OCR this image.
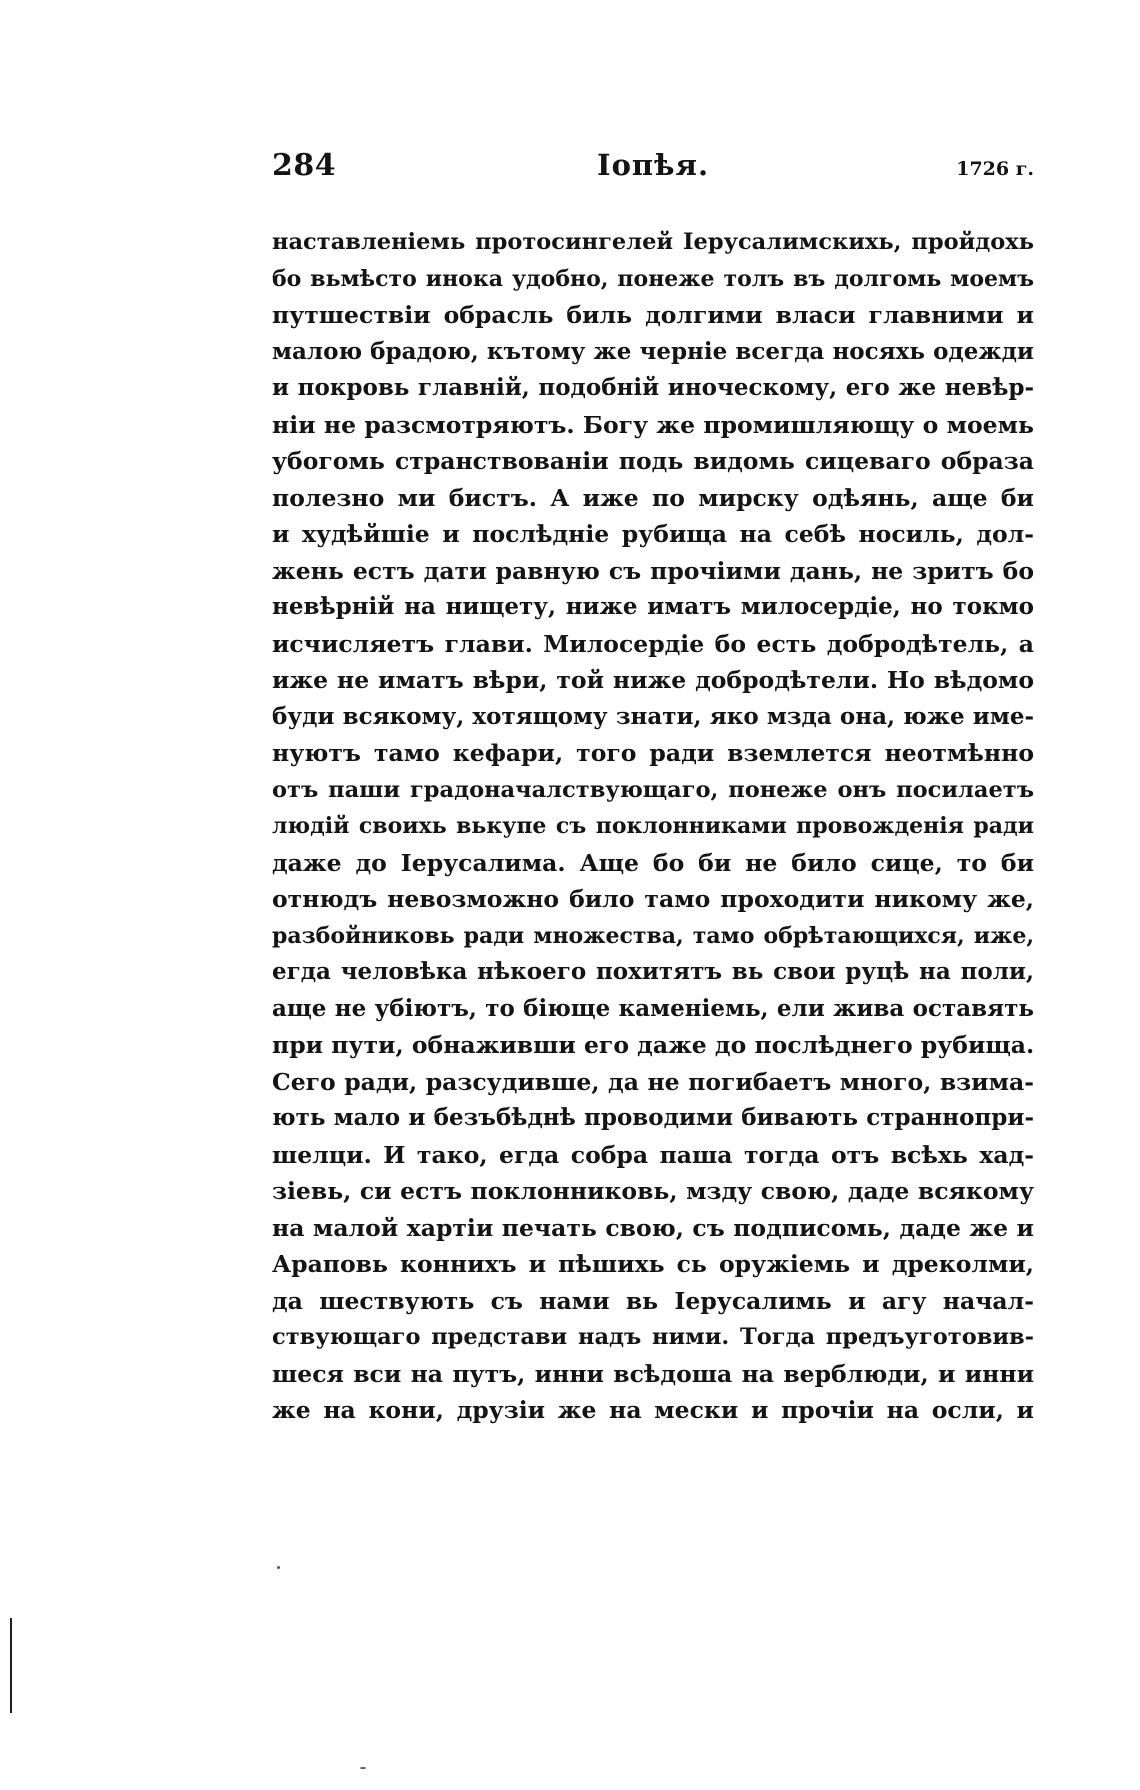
284	Іопѣя.	1726 г.
наставленіемь протосингелей Іерусалимскихь, пройдохь
бо вьмѣсто инока удобно, понеже толъ въ долгомь моемъ
путшествіи обрасль биль долгими власи главними и
малою брадою, кътому же черніе всегда носяхь одежди
и покровь главній, подобній иноческому, его же невѣр-
ніи не разсмотряютъ. Богу же промишляющу о моемь
убогомь странствованіи подь видомь сицеваго образа
полезно ми бистъ. А иже по мирску одѣянь, аще би
и худѣйшіе и послѣдніе рубища на себѣ носиль, дол-
жень естъ дати равную съ прочіими дань, не зритъ бо
невѣрній на нищету, ниже иматъ милосердіе, но токмо
исчисляетъ глави. Милосердіе бо есть добродѣтель, а
иже не иматъ вѣри, той ниже добродѣтели. Но вѣдомо
буди всякому, хотящому знати, яко мзда она, юже име-
нуютъ тамо кефари, того ради вземлется неотмѣнно
отъ паши градоначалствующаго, понеже онъ посилаетъ
людій своихь вькупе съ поклонниками провожденія ради
даже до Іерусалима. Аще бо би не било сице, то би
отнюдъ невозможно било тамо проходити никому же,
разбойниковь ради множества, тамо обрѣтающихся, иже,
егда человѣка нѣкоего похитятъ вь свои руцѣ на поли,
аще не убіютъ, то біюще каменіемь, ели жива оставять
при пути, обнаживши его даже до послѣднего рубища.
Сего ради, разсудивше, да не погибаетъ много, взима-
ють мало и безъбѣднѣ проводими бивають страннопри-
шелци. И тако, егда собра паша тогда отъ всѣхь хад-
зіевь, си естъ поклонниковь, мзду свою, даде всякому
на малой хартіи печать свою, съ подписомь, даде же и
Араповь коннихъ и пѣшихь сь оружіемь и дреколми,
да шествують съ нами вь Іерусалимь и агу начал-
ствующаго представи надъ ними. Тогда предъуготовив-
шеся вси на путъ, инни всѣдоша на верблюди, и инни
же на кони, друзіи же на мески и прочіи на осли, и
